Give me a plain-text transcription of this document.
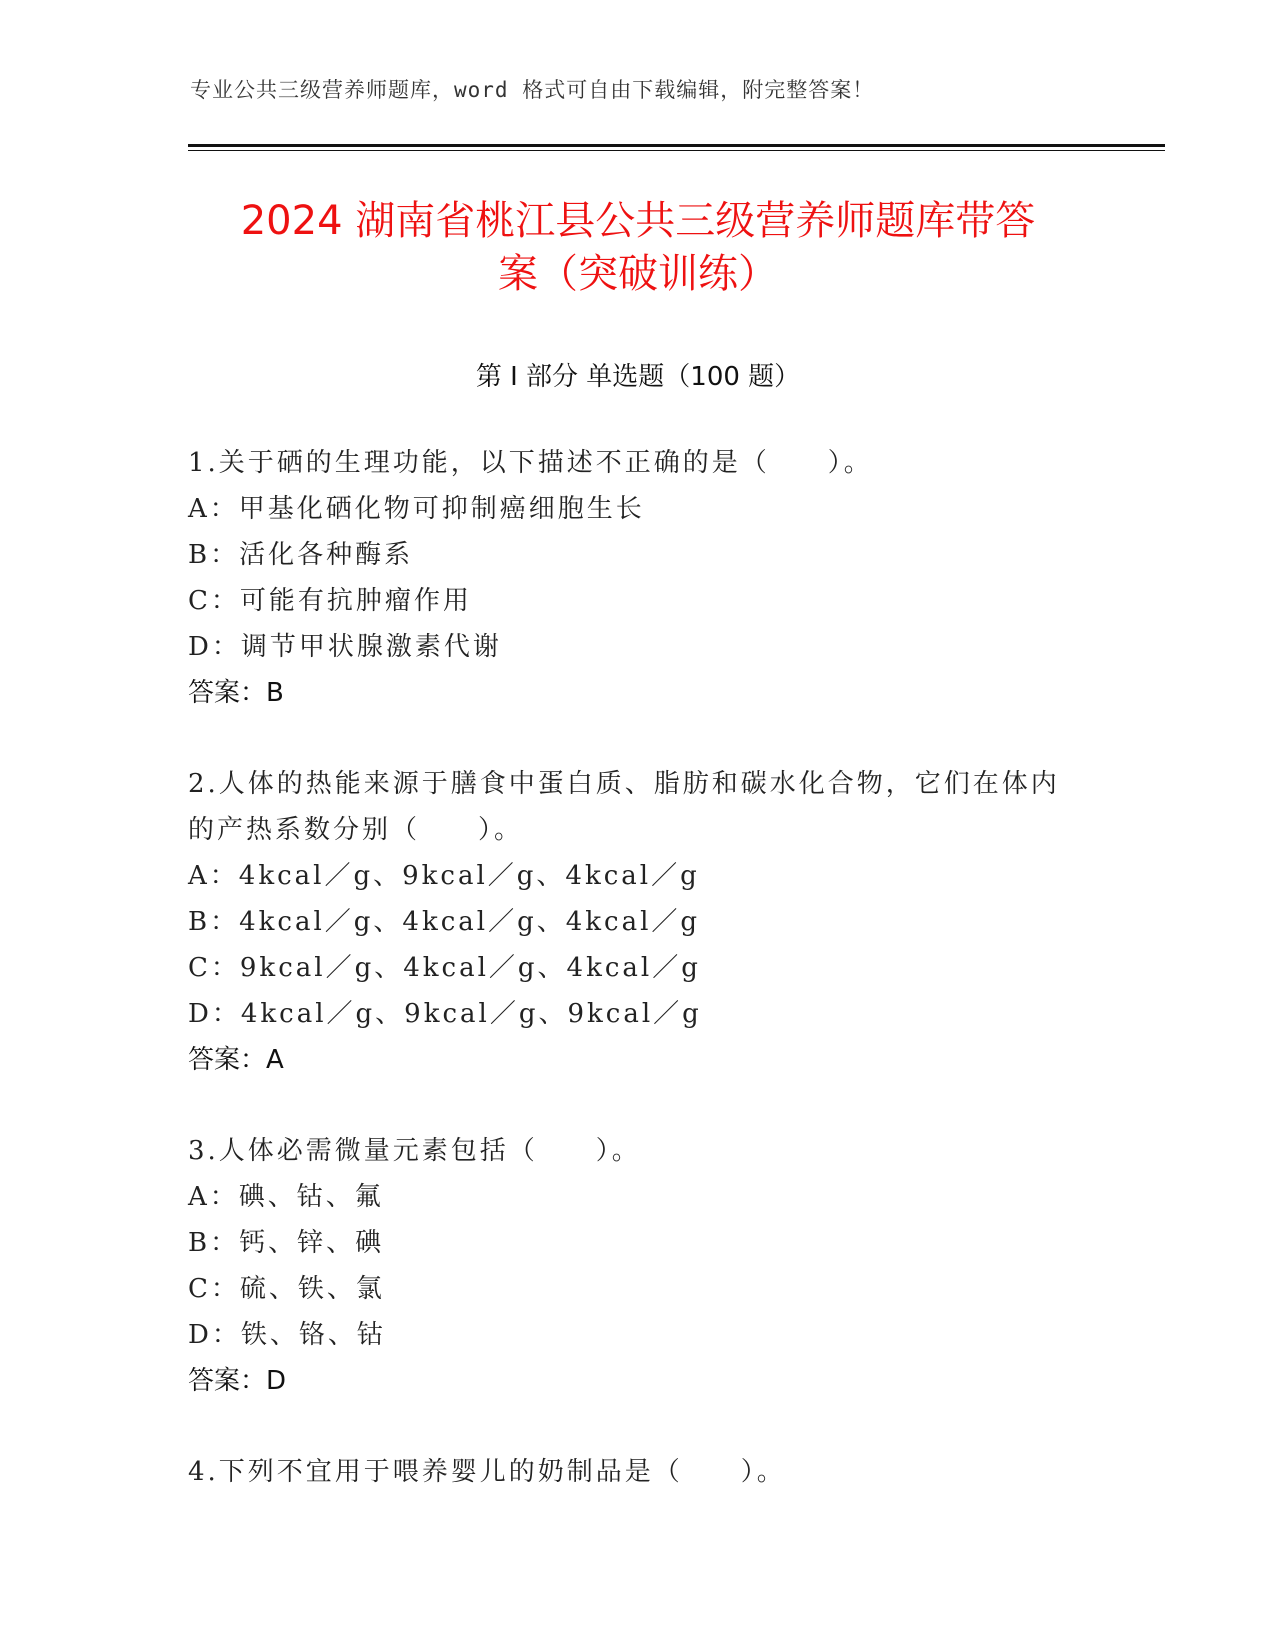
专业公共三级营养师题库，word 格式可自由下载编辑，附完整答案！
2024 湖南省桃江县公共三级营养师题库带答
案（突破训练）
第 I 部分 单选题（100 题）
1.关于硒的生理功能，以下描述不正确的是（　　）。
A：甲基化硒化物可抑制癌细胞生长
B：活化各种酶系
C：可能有抗肿瘤作用
D：调节甲状腺激素代谢
答案：B
2.人体的热能来源于膳食中蛋白质、脂肪和碳水化合物，它们在体内
的产热系数分别（　　）。
A：4kcal／g、9kcal／g、4kcal／g
B：4kcal／g、4kcal／g、4kcal／g
C：9kcal／g、4kcal／g、4kcal／g
D：4kcal／g、9kcal／g、9kcal／g
答案：A
3.人体必需微量元素包括（　　）。
A：碘、钴、氟
B：钙、锌、碘
C：硫、铁、氯
D：铁、铬、钴
答案：D
4.下列不宜用于喂养婴儿的奶制品是（　　）。
